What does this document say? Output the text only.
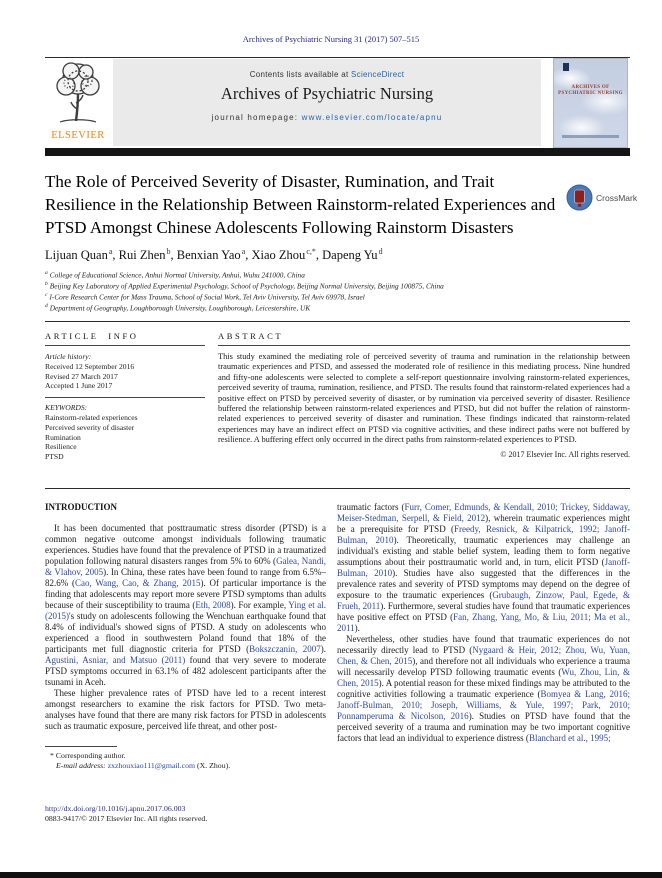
Archives of Psychiatric Nursing 31 (2017) 507–515
ELSEVIER
Contents lists available at ScienceDirect
Archives of Psychiatric Nursing
journal homepage: www.elsevier.com/locate/apnu
ARCHIVES OF PSYCHIATRIC NURSING
The Role of Perceived Severity of Disaster, Rumination, and Trait Resilience in the Relationship Between Rainstorm-related Experiences and PTSD Amongst Chinese Adolescents Following Rainstorm Disasters
CrossMark
Lijuan Quan$^a$, Rui Zhen$^b$, Benxian Yao$^a$, Xiao Zhou$^{c,*}$, Dapeng Yu$^d$
$^a$ College of Educational Science, Anhui Normal University, Anhui, Wuhu 241000, China
$^b$ Beijing Key Laboratory of Applied Experimental Psychology, School of Psychology, Beijing Normal University, Beijing 100875, China
$^c$ I-Core Research Center for Mass Trauma, School of Social Work, Tel Aviv University, Tel Aviv 69978, Israel
$^d$ Department of Geography, Loughborough University, Loughborough, Leicestershire, UK
ARTICLE INFO
Article history:
Received 12 September 2016
Revised 27 March 2017
Accepted 1 June 2017
KEYWORDS:
Rainstorm-related experiences
Perceived severity of disaster
Rumination
Resilience
PTSD
ABSTRACT
This study examined the mediating role of perceived severity of trauma and rumination in the relationship between traumatic experiences and PTSD, and assessed the moderated role of resilience in this mediating process. Nine hundred and fifty-one adolescents were selected to complete a self-report questionnaire involving rainstorm-related experiences, perceived severity of trauma, rumination, resilience, and PTSD. The results found that rainstorm-related experiences had a positive effect on PTSD by perceived severity of disaster, or by rumination via perceived severity of disaster. Resilience buffered the relationship between rainstorm-related experiences and PTSD, but did not buffer the relation of rainstorm-related experiences to perceived severity of disaster and rumination. These findings indicated that rainstorm-related experiences may have an indirect effect on PTSD via cognitive activities, and these indirect paths were not buffered by resilience. A buffering effect only occurred in the direct paths from rainstorm-related experiences to PTSD.
© 2017 Elsevier Inc. All rights reserved.
INTRODUCTION

It has been documented that posttraumatic stress disorder (PTSD) is a common negative outcome amongst individuals following traumatic experiences. Studies have found that the prevalence of PTSD in a traumatized population following natural disasters ranges from 5% to 60% (Galea, Nandi, & Vlahov, 2005). In China, these rates have been found to range from 6.5%–82.6% (Cao, Wang, Cao, & Zhang, 2015). Of particular importance is the finding that adolescents may report more severe PTSD symptoms than adults because of their susceptibility to trauma (Eth, 2008). For example, Ying et al. (2015)'s study on adolescents following the Wenchuan earthquake found that 8.4% of individual's showed signs of PTSD. A study on adolescents who experienced a flood in southwestern Poland found that 18% of the participants met full diagnostic criteria for PTSD (Bokszczanin, 2007). Agustini, Asniar, and Matsuo (2011) found that very severe to moderate PTSD symptoms occurred in 63.1% of 482 adolescent participants after the tsunami in Aceh.

These higher prevalence rates of PTSD have led to a recent interest amongst researchers to examine the risk factors for PTSD. Two meta-analyses have found that there are many risk factors for PTSD in adolescents such as traumatic exposure, perceived life threat, and other post-

traumatic factors (Furr, Comer, Edmunds, & Kendall, 2010; Trickey, Siddaway, Meiser-Stedman, Serpell, & Field, 2012), wherein traumatic experiences might be a prerequisite for PTSD (Freedy, Resnick, & Kilpatrick, 1992; Janoff-Bulman, 2010). Theoretically, traumatic experiences may challenge an individual's existing and stable belief system, leading them to form negative assumptions about their posttraumatic world and, in turn, elicit PTSD (Janoff-Bulman, 2010). Studies have also suggested that the differences in the prevalence rates and severity of PTSD symptoms may depend on the degree of exposure to the traumatic experiences (Grubaugh, Zinzow, Paul, Egede, & Frueh, 2011). Furthermore, several studies have found that traumatic experiences have positive effect on PTSD (Fan, Zhang, Yang, Mo, & Liu, 2011; Ma et al., 2011).

Nevertheless, other studies have found that traumatic experiences do not necessarily directly lead to PTSD (Nygaard & Heir, 2012; Zhou, Wu, Yuan, Chen, & Chen, 2015), and therefore not all individuals who experience a trauma will necessarily develop PTSD following traumatic events (Wu, Zhou, Lin, & Chen, 2015). A potential reason for these mixed findings may be attributed to the cognitive activities following a traumatic experience (Bomyea & Lang, 2016; Janoff-Bulman, 2010; Joseph, Williams, & Yule, 1997; Park, 2010; Ponnamperuma & Nicolson, 2016). Studies on PTSD have found that the perceived severity of a trauma and rumination may be two important cognitive factors that lead an individual to experience distress (Blanchard et al., 1995;

* Corresponding author.
E-mail address: zxzhouxiao111@gmail.com (X. Zhou).
http://dx.doi.org/10.1016/j.apnu.2017.06.003
0883-9417/© 2017 Elsevier Inc. All rights reserved.
